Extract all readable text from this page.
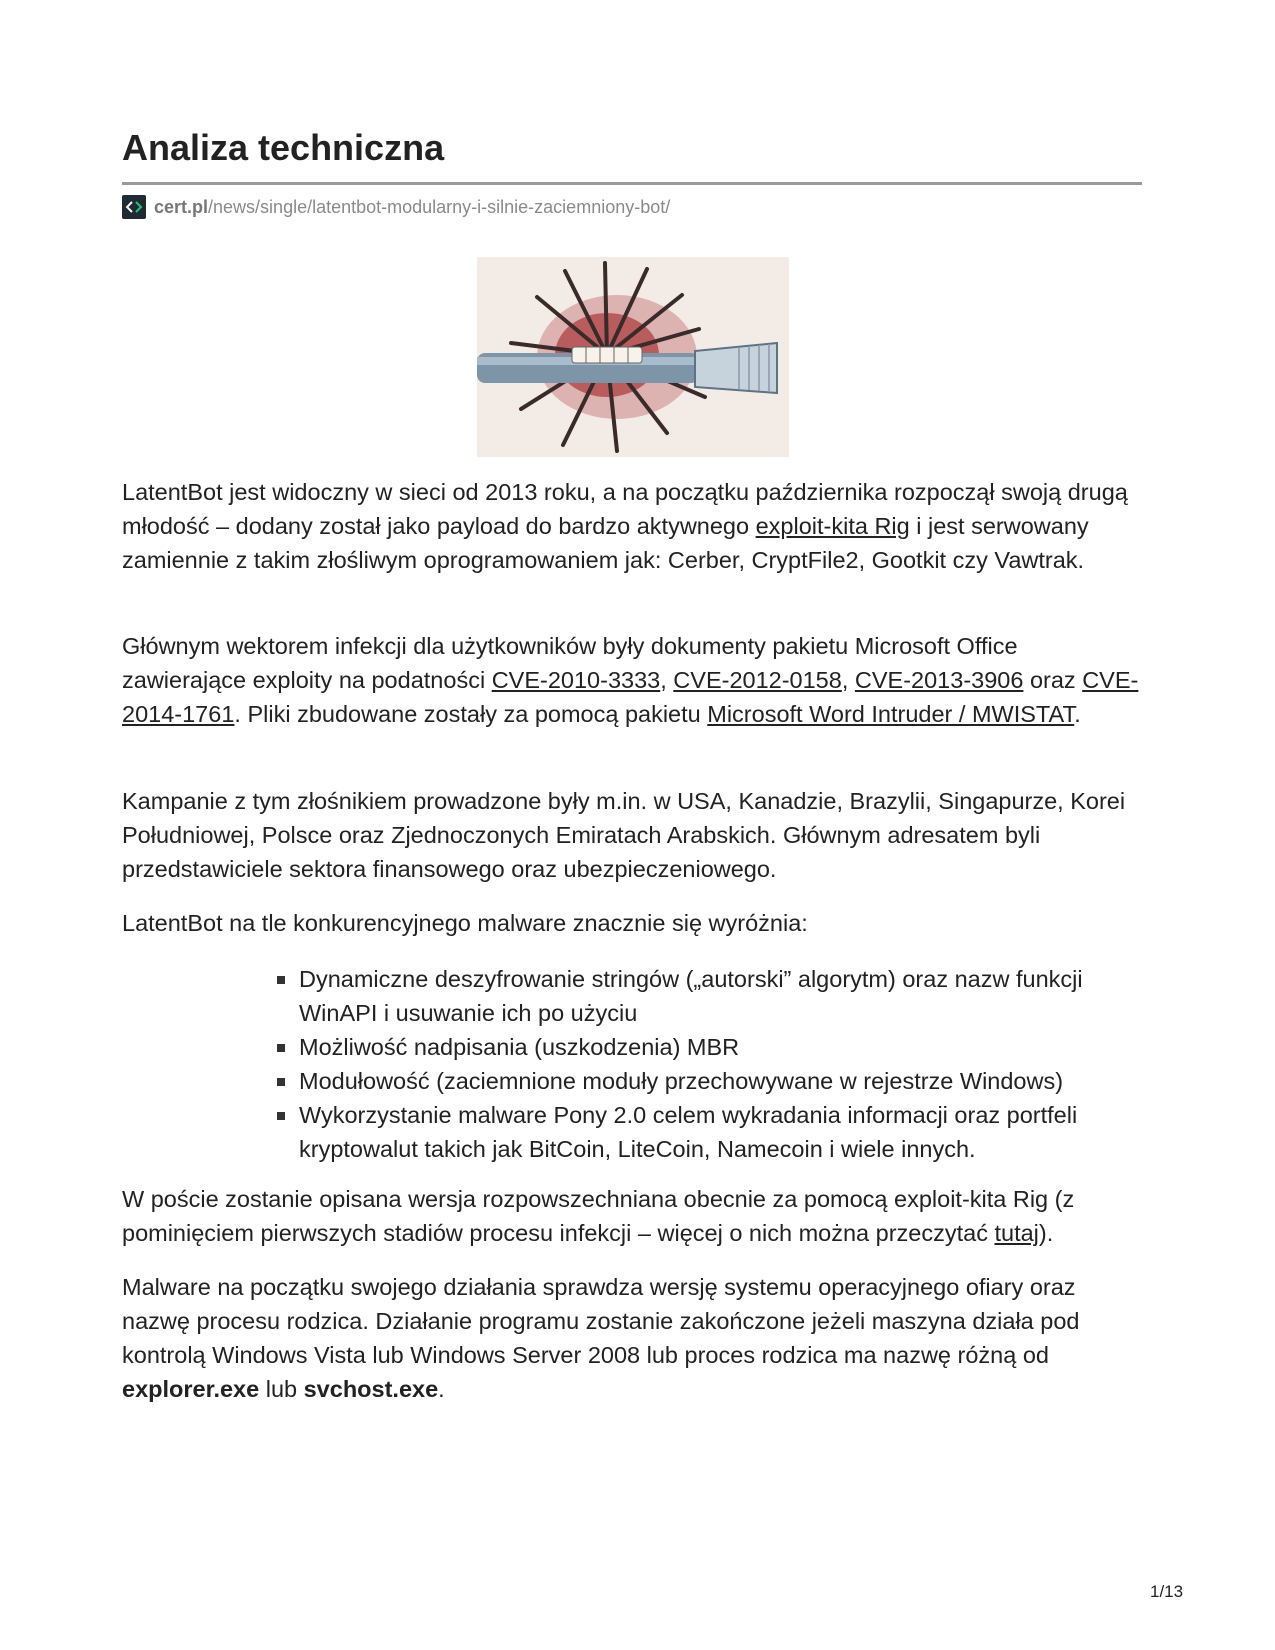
Analiza techniczna
cert.pl /news/single/latentbot-modularny-i-silnie-zaciemniony-bot/

LatentBot jest widoczny w sieci od 2013 roku, a na początku października rozpoczął swoją drugą młodość – dodany został jako payload do bardzo aktywnego exploit-kita Rig i jest serwowany zamiennie z takim złośliwym oprogramowaniem jak: Cerber, CryptFile2, Gootkit czy Vawtrak.

Głównym wektorem infekcji dla użytkowników były dokumenty pakietu Microsoft Office zawierające exploity na podatności CVE-2010-3333, CVE-2012-0158, CVE-2013-3906 oraz CVE-2014-1761. Pliki zbudowane zostały za pomocą pakietu Microsoft Word Intruder / MWISTAT.

Kampanie z tym złośnikiem prowadzone były m.in. w USA, Kanadzie, Brazylii, Singapurze, Korei Południowej, Polsce oraz Zjednoczonych Emiratach Arabskich. Głównym adresatem byli przedstawiciele sektora finansowego oraz ubezpieczeniowego.

LatentBot na tle konkurencyjnego malware znacznie się wyróżnia:

Dynamiczne deszyfrowanie stringów („autorski” algorytm) oraz nazw funkcji WinAPI i usuwanie ich po użyciu
Możliwość nadpisania (uszkodzenia) MBR
Modułowość (zaciemnione moduły przechowywane w rejestrze Windows)
Wykorzystanie malware Pony 2.0 celem wykradania informacji oraz portfeli kryptowalut takich jak BitCoin, LiteCoin, Namecoin i wiele innych.

W poście zostanie opisana wersja rozpowszechniana obecnie za pomocą exploit-kita Rig (z pominięciem pierwszych stadiów procesu infekcji – więcej o nich można przeczytać tutaj).

Malware na początku swojego działania sprawdza wersję systemu operacyjnego ofiary oraz nazwę procesu rodzica. Działanie programu zostanie zakończone jeżeli maszyna działa pod kontrolą Windows Vista lub Windows Server 2008 lub proces rodzica ma nazwę różną od explorer.exe lub svchost.exe.

1/13
